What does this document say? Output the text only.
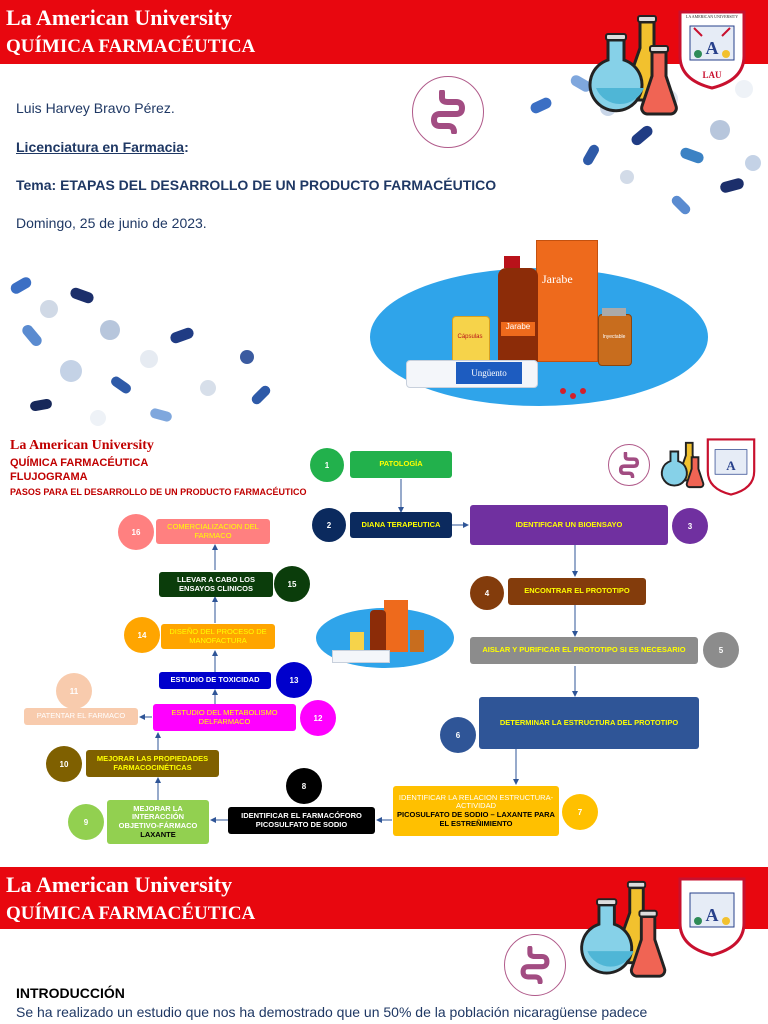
La American University
QUÍMICA FARMACÉUTICA	A
LA AMERICAN UNIVERSITY
LAU
Luis Harvey Bravo Pérez.
Licenciatura en Farmacia:
Tema: ETAPAS DEL DESARROLLO DE UN PRODUCTO FARMACÉUTICO
Domingo, 25 de junio de 2023.
Jarabe
Jarabe
Cápsulas	Inyectable
Ungüento
La American University
QUÍMICA FARMACÉUTICA
FLUJOGRAMA
PASOS PARA EL DESARROLLO DE UN PRODUCTO FARMACÉUTICO
A
1	PATOLOGÍA
2	DIANA TERAPEUTICA	IDENTIFICAR UN BIOENSAYO	3
4	ENCONTRAR EL PROTOTIPO
AISLAR Y PURIFICAR EL PROTOTIPO SI ES NECESARIO	5
DETERMINAR LA ESTRUCTURA DEL PROTOTIPO
6
IDENTIFICAR LA RELACION ESTRUCTURA-ACTIVIDAD
PICOSULFATO DE SODIO – LAXANTE PARA EL ESTREÑIMIENTO
7
8
IDENTIFICAR EL FARMACÓFORO
PICOSULFATO DE SODIO
MEJORAR LA INTERACCIÓN OBJETIVO-FÁRMACO
LAXANTE
9
10
MEJORAR LAS PROPIEDADES FARMACOCINÉTICAS
11
PATENTAR EL FARMACO	ESTUDIO DEL METABOLISMO DELFARMACO	12
ESTUDIO DE TOXICIDAD	13
14	DISEÑO DEL PROCESO DE MANOFACTURA
LLEVAR A CABO LOS ENSAYOS CLINICOS	15
16
COMERCIALIZACION DEL FARMACO
La American University
QUÍMICA FARMACÉUTICA	A
INTRODUCCIÓN
Se ha realizado un estudio que nos ha demostrado que un 50% de la población nicaragüense padece
